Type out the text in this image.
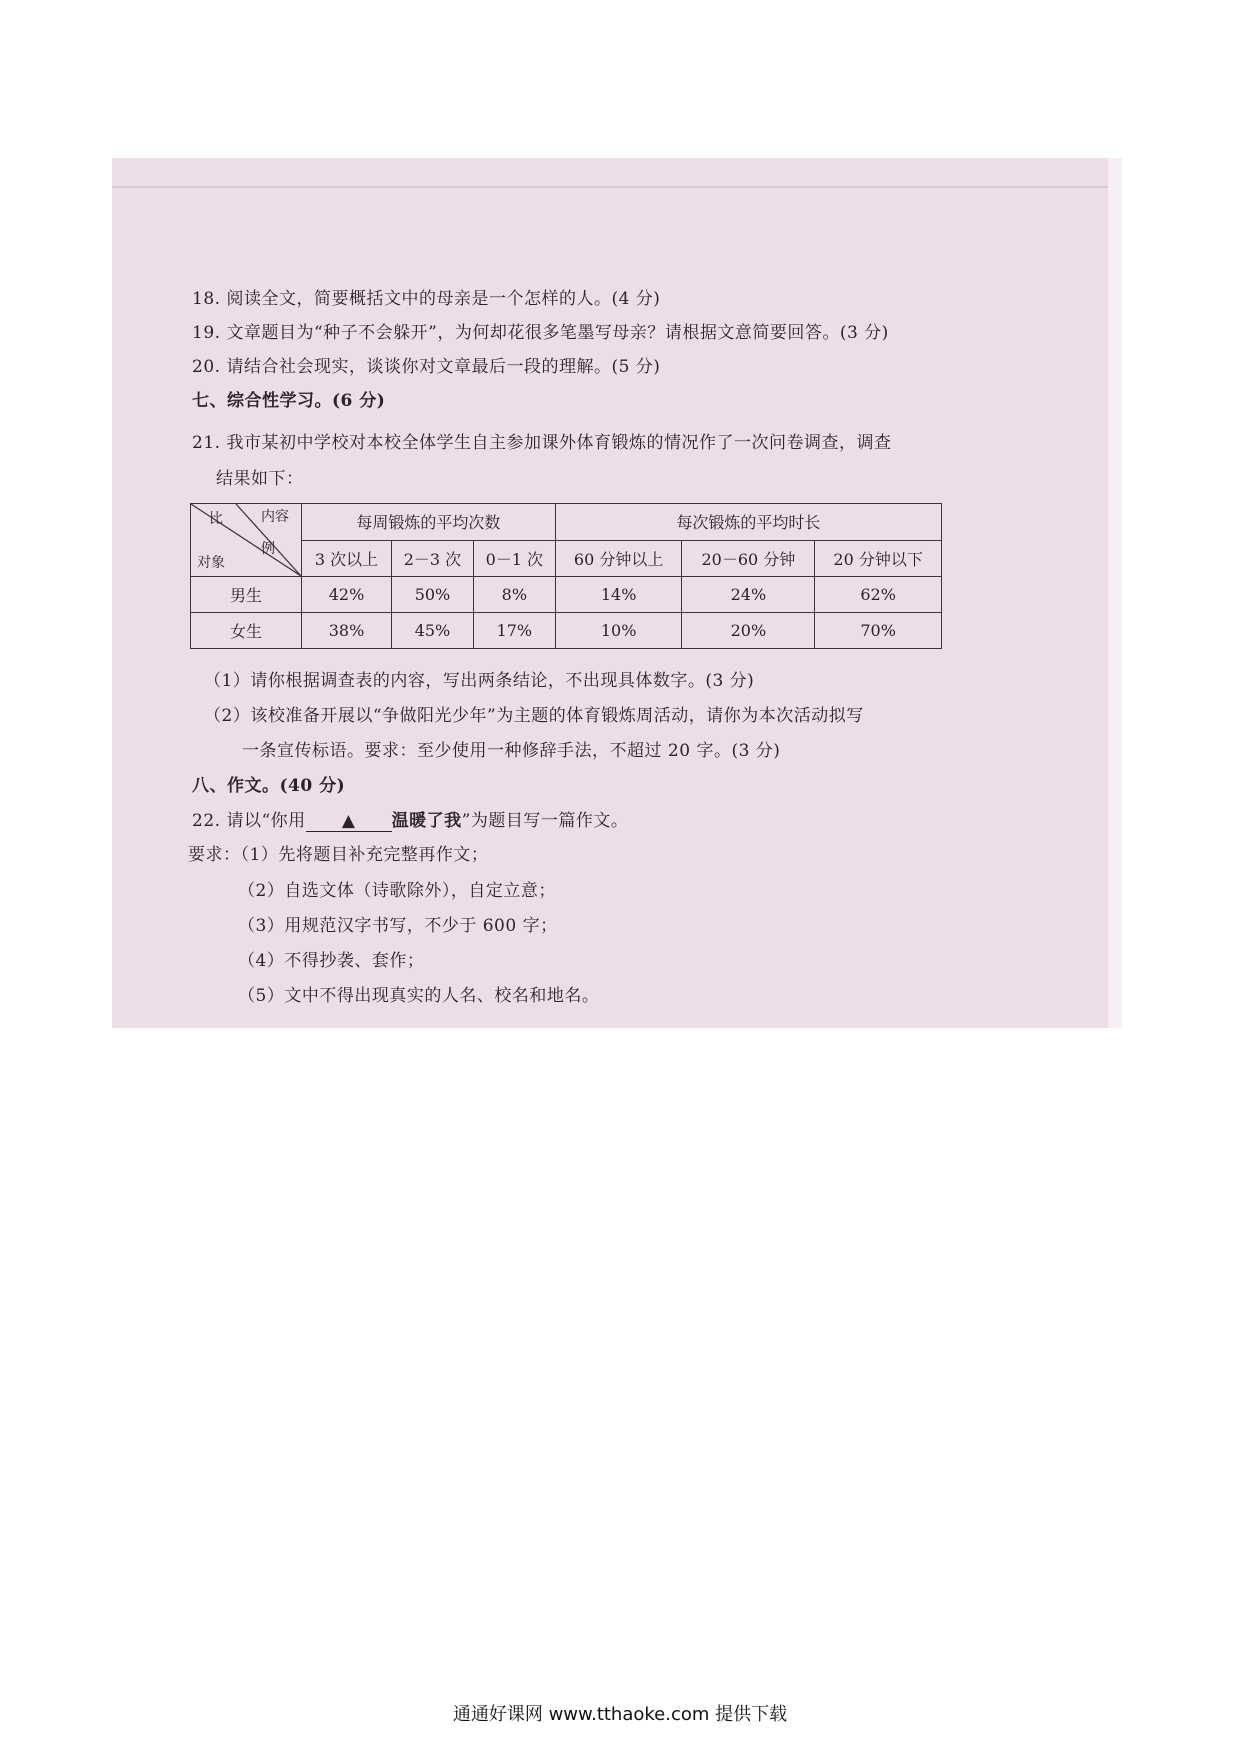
18. 阅读全文，简要概括文中的母亲是一个怎样的人。(4 分)
19. 文章题目为“种子不会躲开”，为何却花很多笔墨写母亲？请根据文意简要回答。(3 分)
20. 请结合社会现实，谈谈你对文章最后一段的理解。(5 分)
七、综合性学习。(6 分)
21. 我市某初中学校对本校全体学生自主参加课外体育锻炼的情况作了一次问卷调查，调查
结果如下：
内容
比
例
对象	每周锻炼的平均次数			每次锻炼的平均时长		
	3 次以上	2－3 次	0－1 次	60 分钟以上	20－60 分钟	20 分钟以下
男生	42%	50%	8%	14%	24%	62%
女生	38%	45%	17%	10%	20%	70%
（1）请你根据调查表的内容，写出两条结论，不出现具体数字。(3 分)
（2）该校准备开展以“争做阳光少年”为主题的体育锻炼周活动，请你为本次活动拟写
一条宣传标语。要求：至少使用一种修辞手法，不超过 20 字。(3 分)
八、作文。(40 分)
22. 请以“你用 ▲ 温暖了我”为题目写一篇作文。
要求：（1）先将题目补充完整再作文；
（2）自选文体（诗歌除外），自定立意；
（3）用规范汉字书写，不少于 600 字；
（4）不得抄袭、套作；
（5）文中不得出现真实的人名、校名和地名。
通通好课网 www.tthaoke.com 提供下载
